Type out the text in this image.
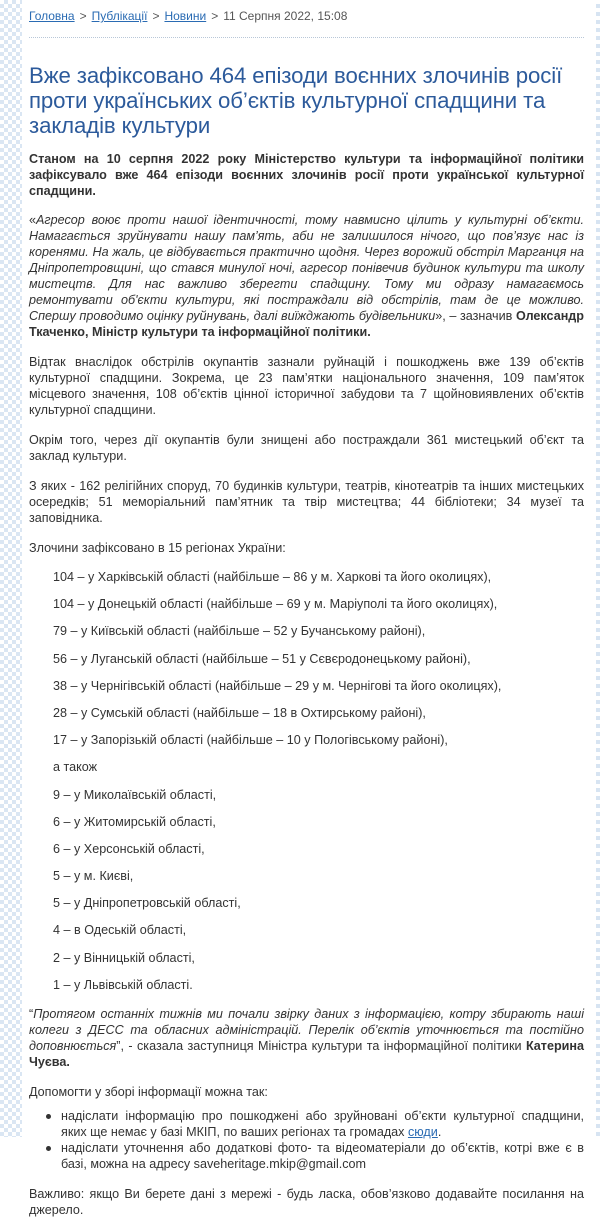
Головна > Публікації > Новини > 11 Серпня 2022, 15:08
Вже зафіксовано 464 епізоди воєнних злочинів росії проти українських об’єктів культурної спадщини та закладів культури

Станом на 10 серпня 2022 року Міністерство культури та інформаційної політики зафіксувало вже 464 епізоди воєнних злочинів росії проти української культурної спадщини.

«Агресор воює проти нашої ідентичності, тому навмисно цілить у культурні об’єкти. Намагається зруйнувати нашу пам’ять, аби не залишилося нічого, що пов’язує нас із коренями. На жаль, це відбувається практично щодня. Через ворожий обстріл Марганця на Дніпропетровщині, що стався минулої ночі, агресор понівечив будинок культури та школу мистецтв. Для нас важливо зберегти спадщину. Тому ми одразу намагаємось ремонтувати об'єкти культури, які постраждали від обстрілів, там де це можливо. Спершу проводимо оцінку руйнувань, далі виїжджають будівельники», – зазначив Олександр Ткаченко, Міністр культури та інформаційної політики.

Відтак внаслідок обстрілів окупантів зазнали руйнацій і пошкоджень вже 139 об’єктів культурної спадщини. Зокрема, це 23 пам’ятки національного значення, 109 пам’яток місцевого значення, 108 об’єктів цінної історичної забудови та 7 щойновиявлених об’єктів культурної спадщини.

Окрім того, через дії окупантів були знищені або постраждали 361 мистецький об’єкт та заклад культури.

З яких - 162 релігійних споруд, 70 будинків культури, театрів, кінотеатрів та інших мистецьких осередків; 51 меморіальний пам’ятник та твір мистецтва; 44 бібліотеки; 34 музеї та заповідника.

Злочини зафіксовано в 15 регіонах України:

104 – у Харківській області (найбільше – 86 у м. Харкові та його околицях),
104 – у Донецькій області (найбільше – 69 у м. Маріуполі та його околицях),
79 – у Київській області (найбільше – 52 у Бучанському районі),
56 – у Луганській області (найбільше – 51 у Сєвєродонецькому районі),
38 – у Чернігівській області (найбільше – 29 у м. Чернігові та його околицях),
28 – у Сумській області (найбільше – 18 в Охтирському районі),
17 – у Запорізькій області (найбільше – 10 у Пологівському районі),
а також
9 – у Миколаївській області,
6 – у Житомирській області,
6 – у Херсонській області,
5 – у м. Києві,
5 – у Дніпропетровській області,
4 – в Одеській області,
2 – у Вінницькій області,
1 – у Львівській області.

“Протягом останніх тижнів ми почали звірку даних з інформацією, котру збирають наші колеги з ДЕСС та обласних адміністрацій. Перелік об’єктів уточнюється та постійно доповнюється”, - сказала заступниця Міністра культури та інформаційної політики Катерина Чуєва.

Допомогти у зборі інформації можна так:

надіслати інформацію про пошкоджені або зруйновані об’єкти культурної спадщини, яких ще немає у базі МКІП, по ваших регіонах та громадах сюди.
надіслати уточнення або додаткові фото- та відеоматеріали до об’єктів, котрі вже є в базі, можна на адресу saveheritage.mkip@gmail.com

Важливо: якщо Ви берете дані з мережі - будь ласка, обов’язково додавайте посилання на джерело.
